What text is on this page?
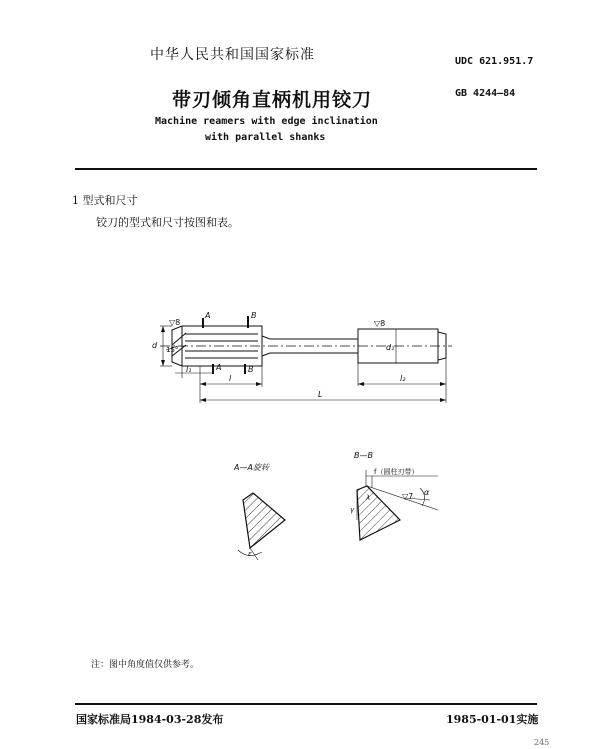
中华人民共和国国家标准	UDC 621.951.7
带刃倾角直柄机用铰刀	GB 4244—84
Machine reamers with edge inclination
with parallel shanks
1 型式和尺寸
铰刀的型式和尺寸按图和表。
▽8
A	B
d 15°
l₁	A	B
l
▽8
d₁
l₂
L
ε
A—A旋转
▽7 α
γ
λ
B—B
f（圆柱刃带）
注：图中角度值仅供参考。
国家标准局1984-03-28发布	1985-01-01实施
245
